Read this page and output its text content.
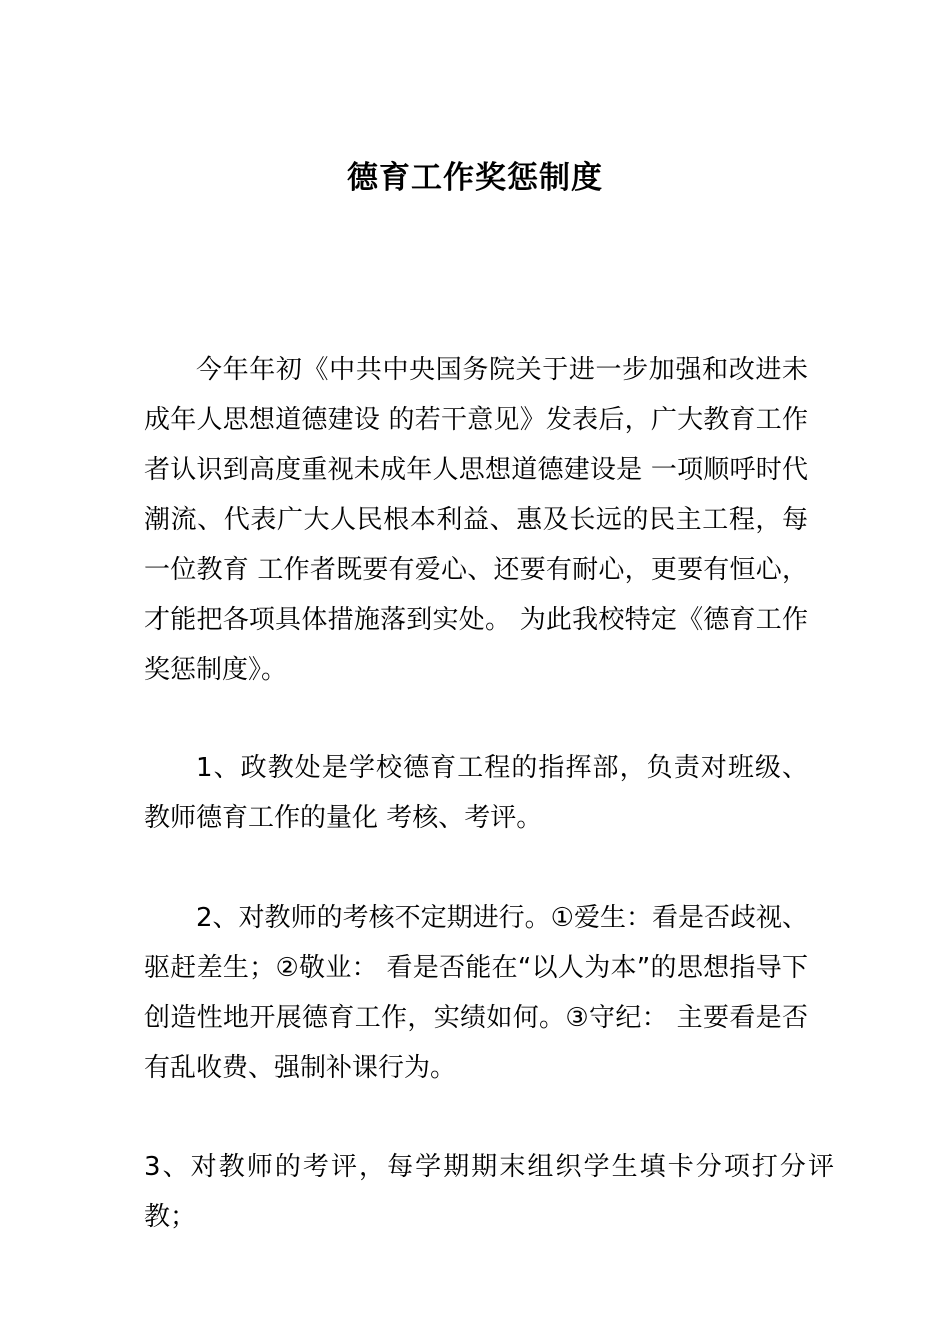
德育工作奖惩制度

今年年初《中共中央国务院关于进一步加强和改进未成年人思想道德建设 的若干意见》发表后，广大教育工作者认识到高度重视未成年人思想道德建设是 一项顺呼时代潮流、代表广大人民根本利益、惠及长远的民主工程，每一位教育 工作者既要有爱心、还要有耐心，更要有恒心，才能把各项具体措施落到实处。 为此我校特定《德育工作奖惩制度》。

1、政教处是学校德育工程的指挥部，负责对班级、教师德育工作的量化 考核、考评。

2、对教师的考核不定期进行。①爱生：看是否歧视、驱赶差生；②敬业： 看是否能在“以人为本”的思想指导下创造性地开展德育工作，实绩如何。③守纪： 主要看是否有乱收费、强制补课行为。

3、对教师的考评，每学期期末组织学生填卡分项打分评教；
